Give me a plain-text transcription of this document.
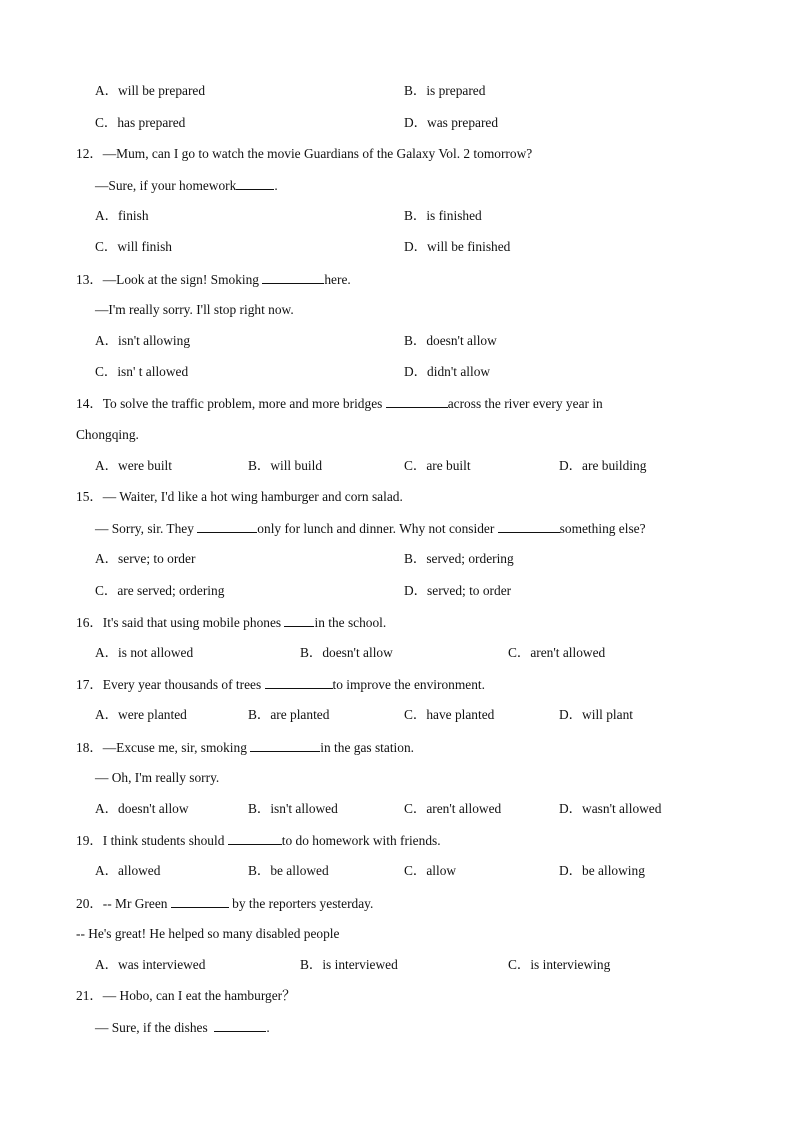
A．will be prepared	B．is prepared
C．has prepared	D．was prepared
12．—Mum, can I go to watch the movie Guardians of the Galaxy Vol. 2 tomorrow?
—Sure, if your homework	.
A．finish	B．is finished
C．will finish	D．will be finished
13．—Look at the sign! Smoking	here.
—I'm really sorry. I'll stop right now.
A．isn't allowing	B．doesn't allow
C．isn' t allowed	D．didn't allow
14．To solve the traffic problem, more and more bridges	across the river every year in
Chongqing.
A．were built	B．will build	C．are built	D．are building
15．— Waiter, I'd like a hot wing hamburger and corn salad.
— Sorry, sir. They	only for lunch and dinner. Why not consider	something else?
A．serve; to order	B．served; ordering
C．are served; ordering	D．served; to order
16．It's said that using mobile phones in the school.
A．is not allowed	B．doesn't allow	C．aren't allowed
17．Every year thousands of trees	to improve the environment.
A．were planted	B．are planted	C．have planted	D．will plant
18．—Excuse me, sir, smoking	in the gas station.
— Oh, I'm really sorry.
A．doesn't allow	B．isn't allowed	C．aren't allowed	D．wasn't allowed
19．I think students should	to do homework with friends.
A．allowed	B．be allowed	C．allow	D．be allowing
20．-- Mr Green	by the reporters yesterday.
-- He's great! He helped so many disabled people
A．was interviewed	B．is interviewed	C．is interviewing
21．— Hobo, can I eat the hamburger？
— Sure, if the dishes	.
